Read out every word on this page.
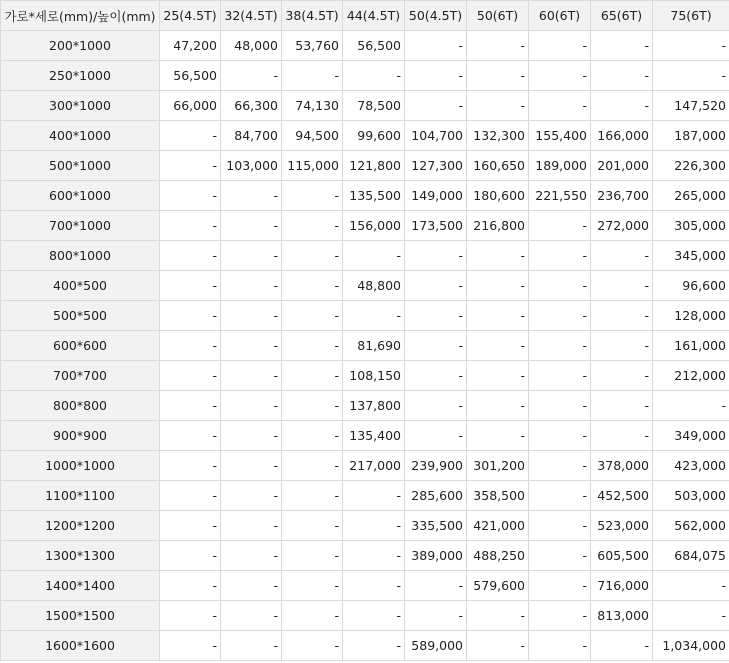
가로*세로(mm)/높이(mm)	25(4.5T)	32(4.5T)	38(4.5T)	44(4.5T)	50(4.5T)	50(6T)	60(6T)	65(6T)	75(6T)
200*1000	47,200	48,000	53,760	56,500	-	-	-	-	-
250*1000	56,500	-	-	-	-	-	-	-	-
300*1000	66,000	66,300	74,130	78,500	-	-	-	-	147,520
400*1000	-	84,700	94,500	99,600	104,700	132,300	155,400	166,000	187,000
500*1000	-	103,000	115,000	121,800	127,300	160,650	189,000	201,000	226,300
600*1000	-	-	-	135,500	149,000	180,600	221,550	236,700	265,000
700*1000	-	-	-	156,000	173,500	216,800	-	272,000	305,000
800*1000	-	-	-	-	-	-	-	-	345,000
400*500	-	-	-	48,800	-	-	-	-	96,600
500*500	-	-	-	-	-	-	-	-	128,000
600*600	-	-	-	81,690	-	-	-	-	161,000
700*700	-	-	-	108,150	-	-	-	-	212,000
800*800	-	-	-	137,800	-	-	-	-	-
900*900	-	-	-	135,400	-	-	-	-	349,000
1000*1000	-	-	-	217,000	239,900	301,200	-	378,000	423,000
1100*1100	-	-	-	-	285,600	358,500	-	452,500	503,000
1200*1200	-	-	-	-	335,500	421,000	-	523,000	562,000
1300*1300	-	-	-	-	389,000	488,250	-	605,500	684,075
1400*1400	-	-	-	-	-	579,600	-	716,000	-
1500*1500	-	-	-	-	-	-	-	813,000	-
1600*1600	-	-	-	-	589,000	-	-	-	1,034,000
